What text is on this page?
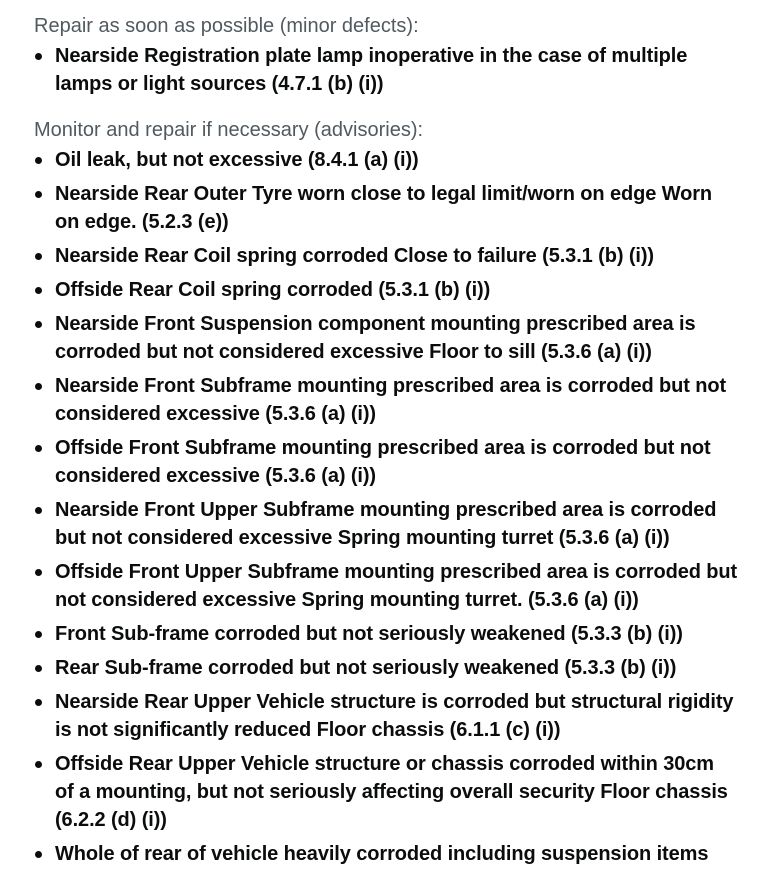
Repair as soon as possible (minor defects):

Nearside Registration plate lamp inoperative in the case of multiple lamps or light sources (4.7.1 (b) (i))

Monitor and repair if necessary (advisories):

Oil leak, but not excessive (8.4.1 (a) (i))
Nearside Rear Outer Tyre worn close to legal limit/worn on edge Worn on edge. (5.2.3 (e))
Nearside Rear Coil spring corroded Close to failure (5.3.1 (b) (i))
Offside Rear Coil spring corroded (5.3.1 (b) (i))
Nearside Front Suspension component mounting prescribed area is corroded but not considered excessive Floor to sill (5.3.6 (a) (i))
Nearside Front Subframe mounting prescribed area is corroded but not considered excessive (5.3.6 (a) (i))
Offside Front Subframe mounting prescribed area is corroded but not considered excessive (5.3.6 (a) (i))
Nearside Front Upper Subframe mounting prescribed area is corroded but not considered excessive Spring mounting turret (5.3.6 (a) (i))
Offside Front Upper Subframe mounting prescribed area is corroded but not considered excessive Spring mounting turret. (5.3.6 (a) (i))
Front Sub-frame corroded but not seriously weakened (5.3.3 (b) (i))
Rear Sub-frame corroded but not seriously weakened (5.3.3 (b) (i))
Nearside Rear Upper Vehicle structure is corroded but structural rigidity is not significantly reduced Floor chassis (6.1.1 (c) (i))
Offside Rear Upper Vehicle structure or chassis corroded within 30cm of a mounting, but not seriously affecting overall security Floor chassis (6.2.2 (d) (i))
Whole of rear of vehicle heavily corroded including suspension items
